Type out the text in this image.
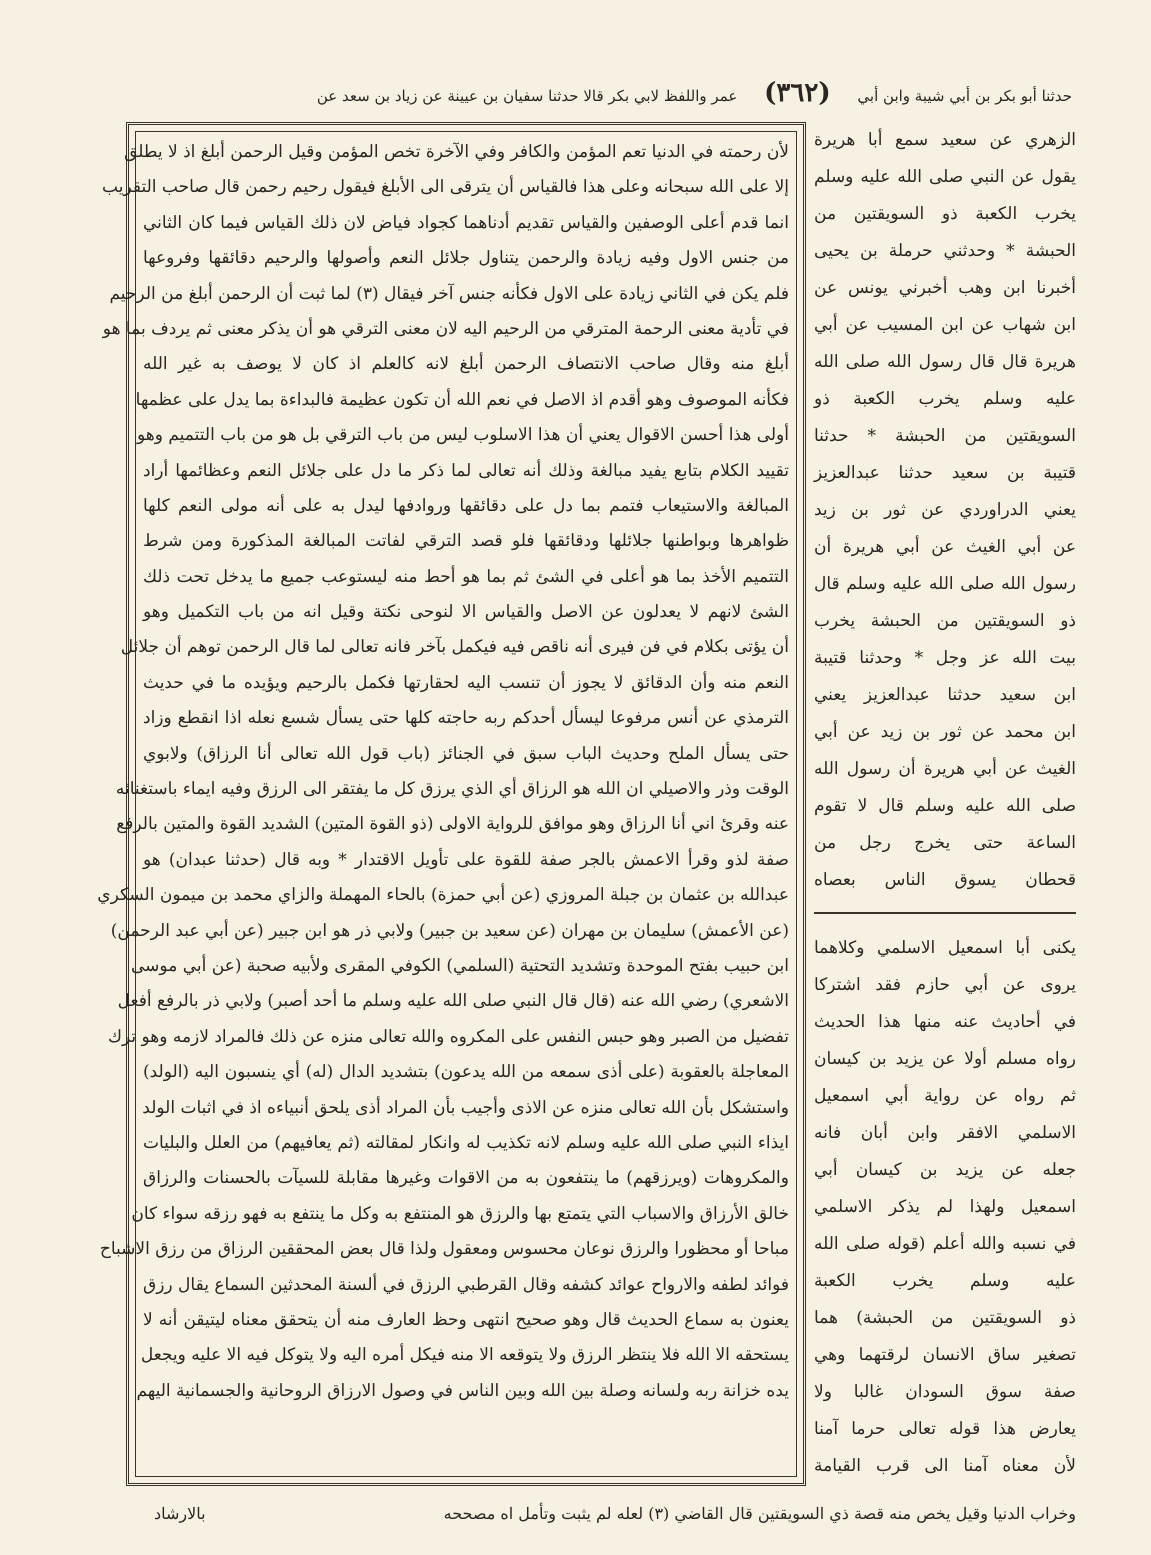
حدثنا أبو بكر بن أبي شيبة وابن أبي (٣٦٢) عمر واللفظ لابي بكر قالا حدثنا سفيان بن عيينة عن زياد بن سعد عن
لأن رحمته في الدنيا تعم المؤمن والكافر وفي الآخرة تخص المؤمن وقيل الرحمن أبلغ اذ لا يطلق
إلا على الله سبحانه وعلى هذا فالقياس أن يترقى الى الأبلغ فيقول رحيم رحمن قال صاحب التقريب
انما قدم أعلى الوصفين والقياس تقديم أدناهما كجواد فياض لان ذلك القياس فيما كان الثاني
من جنس الاول وفيه زيادة والرحمن يتناول جلائل النعم وأصولها والرحيم دقائقها وفروعها
فلم يكن في الثاني زيادة على الاول فكأنه جنس آخر فيقال (٣) لما ثبت أن الرحمن أبلغ من الرحيم
في تأدية معنى الرحمة المترقي من الرحيم اليه لان معنى الترقي هو أن يذكر معنى ثم يردف بما هو
أبلغ منه وقال صاحب الانتصاف الرحمن أبلغ لانه كالعلم اذ كان لا يوصف به غير الله
فكأنه الموصوف وهو أقدم اذ الاصل في نعم الله أن تكون عظيمة فالبداءة بما يدل على عظمها
أولى هذا أحسن الاقوال يعني أن هذا الاسلوب ليس من باب الترقي بل هو من باب التتميم وهو
تقييد الكلام بتابع يفيد مبالغة وذلك أنه تعالى لما ذكر ما دل على جلائل النعم وعظائمها أراد
المبالغة والاستيعاب فتمم بما دل على دقائقها وروادفها ليدل به على أنه مولى النعم كلها
ظواهرها وبواطنها جلائلها ودقائقها فلو قصد الترقي لفاتت المبالغة المذكورة ومن شرط
التتميم الأخذ بما هو أعلى في الشئ ثم بما هو أحط منه ليستوعب جميع ما يدخل تحت ذلك
الشئ لانهم لا يعدلون عن الاصل والقياس الا لنوحى نكتة وقيل انه من باب التكميل وهو
أن يؤتى بكلام في فن فيرى أنه ناقص فيه فيكمل بآخر فانه تعالى لما قال الرحمن توهم أن جلائل
النعم منه وأن الدقائق لا يجوز أن تنسب اليه لحقارتها فكمل بالرحيم ويؤيده ما في حديث
الترمذي عن أنس مرفوعا ليسأل أحدكم ربه حاجته كلها حتى يسأل شسع نعله اذا انقطع وزاد
حتى يسأل الملح وحديث الباب سبق في الجنائز (باب قول الله تعالى أنا الرزاق) ولابوي
الوقت وذر والاصيلي ان الله هو الرزاق أي الذي يرزق كل ما يفتقر الى الرزق وفيه ايماء باستغنائه
عنه وقرئ اني أنا الرزاق وهو موافق للرواية الاولى (ذو القوة المتين) الشديد القوة والمتين بالرفع
صفة لذو وقرأ الاعمش بالجر صفة للقوة على تأويل الاقتدار * وبه قال (حدثنا عبدان) هو
عبدالله بن عثمان بن جبلة المروزي (عن أبي حمزة) بالحاء المهملة والزاي محمد بن ميمون السكري
(عن الأعمش) سليمان بن مهران (عن سعيد بن جبير) ولابي ذر هو ابن جبير (عن أبي عبد الرحمن)
ابن حبيب بفتح الموحدة وتشديد التحتية (السلمي) الكوفي المقرى ولأبيه صحبة (عن أبي موسى
الاشعري) رضي الله عنه (قال قال النبي صلى الله عليه وسلم ما أحد أصبر) ولابي ذر بالرفع أفعل
تفضيل من الصبر وهو حبس النفس على المكروه والله تعالى منزه عن ذلك فالمراد لازمه وهو ترك
المعاجلة بالعقوبة (على أذى سمعه من الله يدعون) بتشديد الدال (له) أي ينسبون اليه (الولد)
واستشكل بأن الله تعالى منزه عن الاذى وأجيب بأن المراد أذى يلحق أنبياءه اذ في اثبات الولد
ايذاء النبي صلى الله عليه وسلم لانه تكذيب له وانكار لمقالته (ثم يعافيهم) من العلل والبليات
والمكروهات (ويرزقهم) ما ينتفعون به من الاقوات وغيرها مقابلة للسيآت بالحسنات والرزاق
خالق الأرزاق والاسباب التي يتمتع بها والرزق هو المنتفع به وكل ما ينتفع به فهو رزقه سواء كان
مباحا أو محظورا والرزق نوعان محسوس ومعقول ولذا قال بعض المحققين الرزاق من رزق الاشباح
فوائد لطفه والارواح عوائد كشفه وقال القرطبي الرزق في ألسنة المحدثين السماع يقال رزق
يعنون به سماع الحديث قال وهو صحيح انتهى وحظ العارف منه أن يتحقق معناه ليتيقن أنه لا
يستحقه الا الله فلا ينتظر الرزق ولا يتوقعه الا منه فيكل أمره اليه ولا يتوكل فيه الا عليه ويجعل
يده خزانة ربه ولسانه وصلة بين الله وبين الناس في وصول الارزاق الروحانية والجسمانية اليهم
الزهري عن سعيد سمع أبا هريرة
يقول عن النبي صلى الله عليه وسلم
يخرب الكعبة ذو السويقتين من
الحبشة * وحدثني حرملة بن يحيى
أخبرنا ابن وهب أخبرني يونس عن
ابن شهاب عن ابن المسيب عن أبي
هريرة قال قال رسول الله صلى الله
عليه وسلم يخرب الكعبة ذو
السويقتين من الحبشة * حدثنا
قتيبة بن سعيد حدثنا عبدالعزيز
يعني الدراوردي عن ثور بن زيد
عن أبي الغيث عن أبي هريرة أن
رسول الله صلى الله عليه وسلم قال
ذو السويقتين من الحبشة يخرب
بيت الله عز وجل * وحدثنا قتيبة
ابن سعيد حدثنا عبدالعزيز يعني
ابن محمد عن ثور بن زيد عن أبي
الغيث عن أبي هريرة أن رسول الله
صلى الله عليه وسلم قال لا تقوم
الساعة حتى يخرج رجل من
قحطان يسوق الناس بعصاه
يكنى أبا اسمعيل الاسلمي وكلاهما
يروى عن أبي حازم فقد اشتركا
في أحاديث عنه منها هذا الحديث
رواه مسلم أولا عن يزيد بن كيسان
ثم رواه عن رواية أبي اسمعيل
الاسلمي الافقر وابن أبان فانه
جعله عن يزيد بن كيسان أبي
اسمعيل ولهذا لم يذكر الاسلمي
في نسبه والله أعلم (قوله صلى الله
عليه وسلم يخرب الكعبة
ذو السويقتين من الحبشة) هما
تصغير ساق الانسان لرقتهما وهي
صفة سوق السودان غالبا ولا
يعارض هذا قوله تعالى حرما آمنا
لأن معناه آمنا الى قرب القيامة
وخراب الدنيا وقيل يخص منه قصة ذي السويقتين قال القاضي (٣) لعله لم يثبت وتأمل اه مصححه
بالارشاد
